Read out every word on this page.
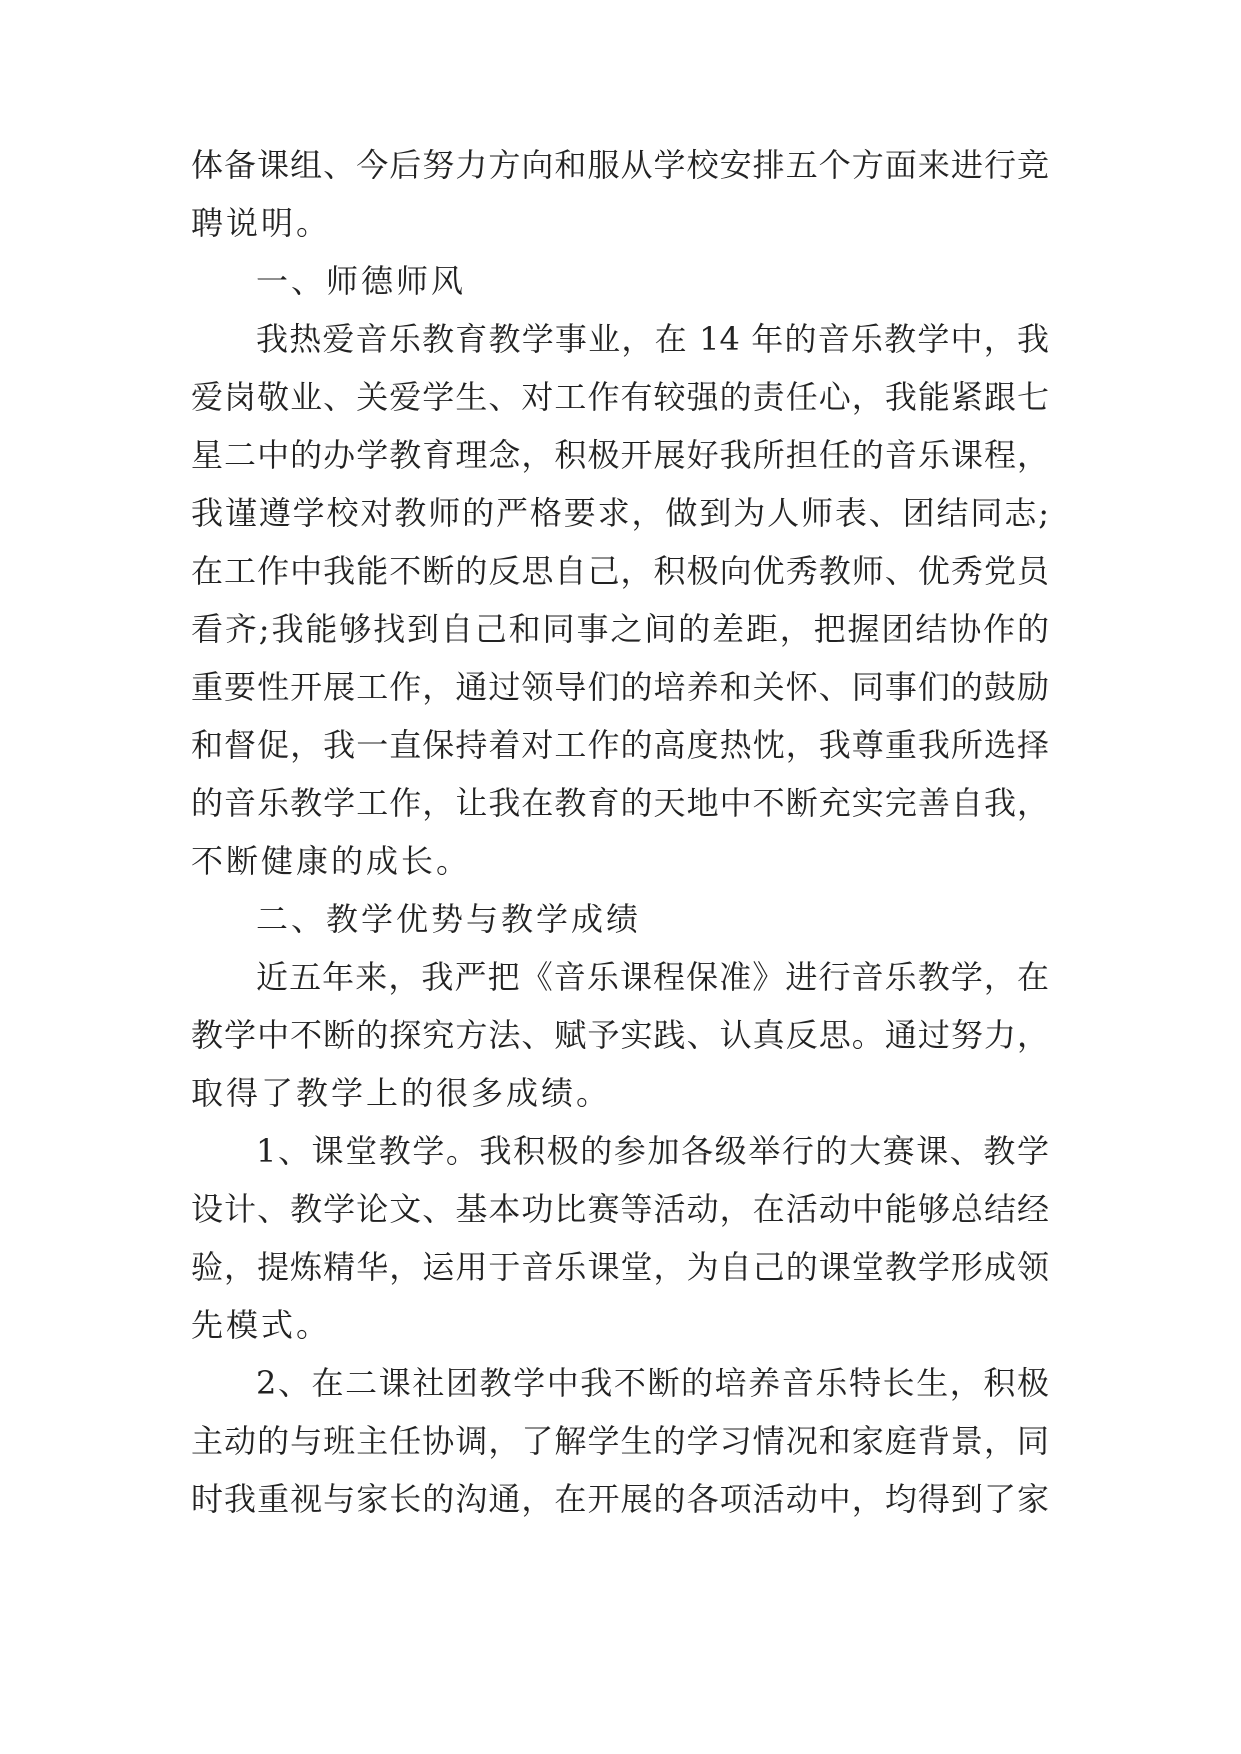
体备课组、今后努力方向和服从学校安排五个方面来进行竞
聘说明。
一、师德师风
我热爱音乐教育教学事业，在 14 年的音乐教学中，我
爱岗敬业、关爱学生、对工作有较强的责任心，我能紧跟七
星二中的办学教育理念，积极开展好我所担任的音乐课程，
我谨遵学校对教师的严格要求，做到为人师表、团结同志;
在工作中我能不断的反思自己，积极向优秀教师、优秀党员
看齐;我能够找到自己和同事之间的差距，把握团结协作的
重要性开展工作，通过领导们的培养和关怀、同事们的鼓励
和督促，我一直保持着对工作的高度热忱，我尊重我所选择
的音乐教学工作，让我在教育的天地中不断充实完善自我，
不断健康的成长。
二、教学优势与教学成绩
近五年来，我严把《音乐课程保准》进行音乐教学，在
教学中不断的探究方法、赋予实践、认真反思。通过努力，
取得了教学上的很多成绩。
1、课堂教学。我积极的参加各级举行的大赛课、教学
设计、教学论文、基本功比赛等活动，在活动中能够总结经
验，提炼精华，运用于音乐课堂，为自己的课堂教学形成领
先模式。
2、在二课社团教学中我不断的培养音乐特长生，积极
主动的与班主任协调，了解学生的学习情况和家庭背景，同
时我重视与家长的沟通，在开展的各项活动中，均得到了家
